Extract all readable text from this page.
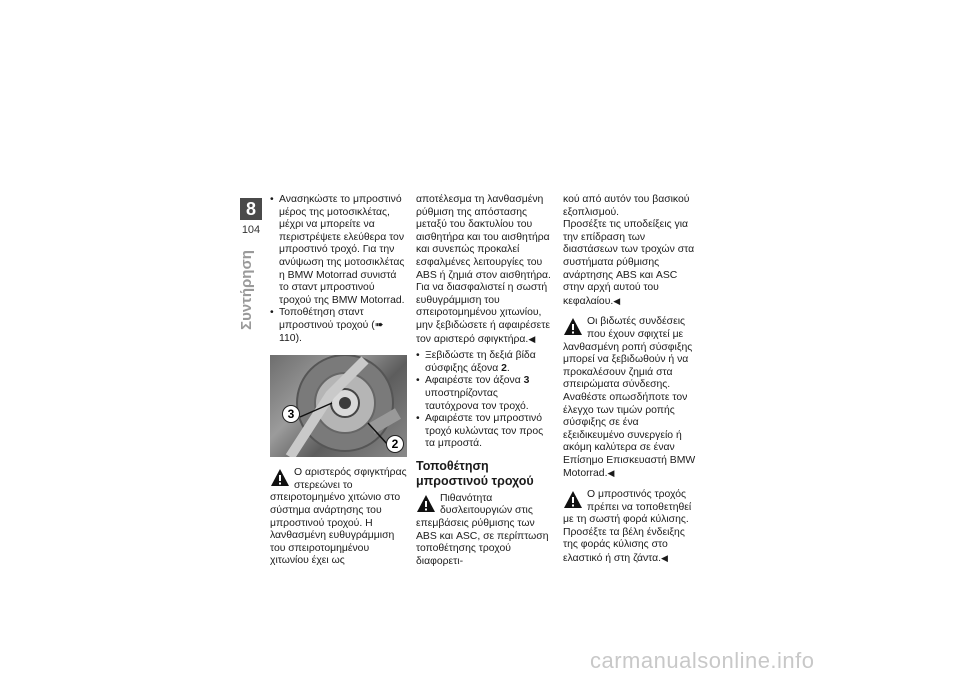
8
104
Συντήρηση
• Ανασηκώστε το μπροστινό μέρος της μοτοσικλέτας, μέχρι να μπορείτε να περιστρέψετε ελεύθερα τον μπροστινό τροχό. Για την ανύψωση της μοτοσικλέτας η BMW Motorrad συνιστά το σταντ μπροστινού τροχού της BMW Motorrad.
• Τοποθέτηση σταντ μπροστινού τροχού (➠ 110).
3
2

Ο αριστερός σφιγκτήρας στερεώνει το σπειροτομημένο χιτώνιο στο σύστημα ανάρτησης του μπροστινού τροχού. Η λανθασμένη ευθυγράμμιση του σπειροτομημένου χιτωνίου έχει ως

αποτέλεσμα τη λανθασμένη ρύθμιση της απόστασης μεταξύ του δακτυλίου του αισθητήρα και του αισθητήρα και συνεπώς προκαλεί εσφαλμένες λειτουργίες του ABS ή ζημιά στον αισθητήρα.

Για να διασφαλιστεί η σωστή ευθυγράμμιση του σπειροτομημένου χιτωνίου, μην ξεβιδώσετε ή αφαιρέσετε τον αριστερό σφιγκτήρα.◀

• Ξεβιδώστε τη δεξιά βίδα σύσφιξης άξονα 2.
• Αφαιρέστε τον άξονα 3 υποστηρίζοντας ταυτόχρονα τον τροχό.
• Αφαιρέστε τον μπροστινό τροχό κυλώντας τον προς τα μπροστά.
Τοποθέτηση μπροστινού τροχού

Πιθανότητα δυσλειτουργιών στις επεμβάσεις ρύθμισης των ABS και ASC, σε περίπτωση τοποθέτησης τροχού διαφορετι-

κού από αυτόν του βασικού εξοπλισμού.

Προσέξτε τις υποδείξεις για την επίδραση των διαστάσεων των τροχών στα συστήματα ρύθμισης ανάρτησης ABS και ASC στην αρχή αυτού του κεφαλαίου.◀

Οι βιδωτές συνδέσεις που έχουν σφιχτεί με λανθασμένη ροπή σύσφιξης μπορεί να ξεβιδωθούν ή να προκαλέσουν ζημιά στα σπειρώματα σύνδεσης.

Αναθέστε οπωσδήποτε τον έλεγχο των τιμών ροπής σύσφιξης σε ένα εξειδικευμένο συνεργείο ή ακόμη καλύτερα σε έναν Επίσημο Επισκευαστή BMW Motorrad.◀

Ο μπροστινός τροχός πρέπει να τοποθετηθεί με τη σωστή φορά κύλισης.

Προσέξτε τα βέλη ένδειξης της φοράς κύλισης στο ελαστικό ή στη ζάντα.◀

carmanualsonline.info
